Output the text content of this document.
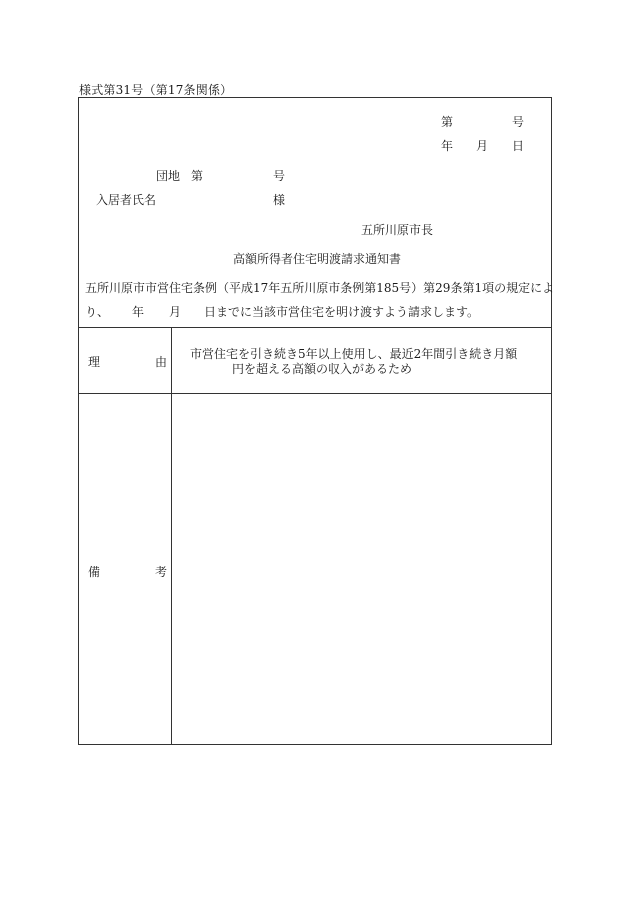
様式第31号（第17条関係）
第	号
年 月 日
団地 第	号
入居者氏名	様
五所川原市長
高額所得者住宅明渡請求通知書
五所川原市市営住宅条例（平成17年五所川原市条例第185号）第29条第1項の規定によ
り、 年 月 日までに当該市営住宅を明け渡すよう請求します。
理	由
市営住宅を引き続き5年以上使用し、最近2年間引き続き月額
円を超える高額の収入があるため
備	考
